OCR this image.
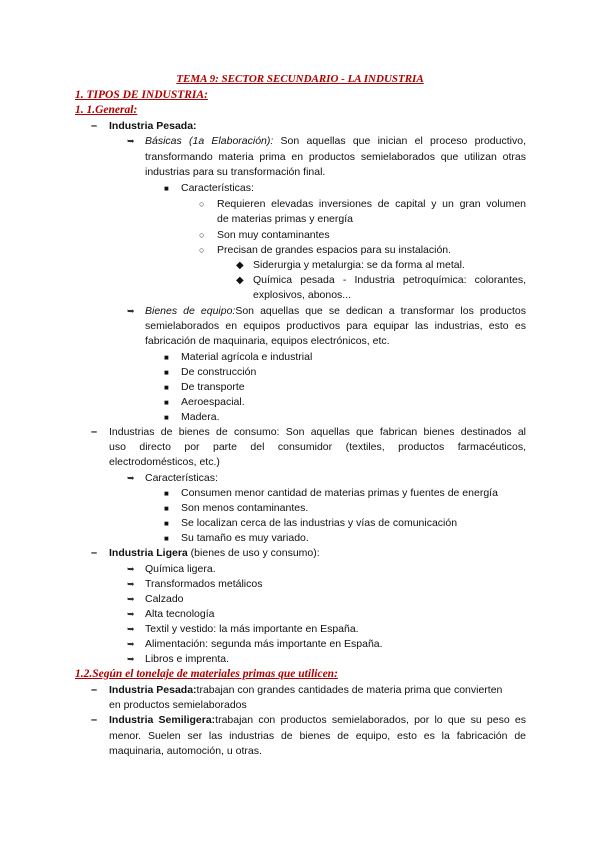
TEMA 9: SECTOR SECUNDARIO - LA INDUSTRIA
1. TIPOS DE INDUSTRIA:
1. 1.General:
– Industria Pesada:
➥ Básicas (1a Elaboración): Son aquellas que inician el proceso productivo,
transformando materia prima en productos semielaborados que utilizan otras
industrias para su transformación final.
■ Características:
○ Requieren elevadas inversiones de capital y un gran volumen
de materias primas y energía
○ Son muy contaminantes
○ Precisan de grandes espacios para su instalación.
◆ Siderurgia y metalurgia: se da forma al metal.
◆ Química pesada - Industria petroquímica: colorantes,
explosivos, abonos...
➥ Bienes de equipo:Son aquellas que se dedican a transformar los productos
semielaborados en equipos productivos para equipar las industrias, esto es
fabricación de maquinaria, equipos electrónicos, etc.
■ Material agrícola e industrial
■ De construcción
■ De transporte
■ Aeroespacial.
■ Madera.
– Industrias de bienes de consumo: Son aquellas que fabrican bienes destinados al
uso directo por parte del consumidor (textiles, productos farmacéuticos,
electrodomésticos, etc.)
➥ Características:
■ Consumen menor cantidad de materias primas y fuentes de energía
■ Son menos contaminantes.
■ Se localizan cerca de las industrias y vías de comunicación
■ Su tamaño es muy variado.
– Industria Ligera (bienes de uso y consumo):
➥ Química ligera.
➥ Transformados metálicos
➥ Calzado
➥ Alta tecnología
➥ Textil y vestido: la más importante en España.
➥ Alimentación: segunda más importante en España.
➥ Libros e imprenta.
1.2.Según el tonelaje de materiales primas que utilicen:
– Industria Pesada:trabajan con grandes cantidades de materia prima que convierten
en productos semielaborados
– Industria Semiligera:trabajan con productos semielaborados, por lo que su peso es
menor. Suelen ser las industrias de bienes de equipo, esto es la fabricación de
maquinaria, automoción, u otras.
